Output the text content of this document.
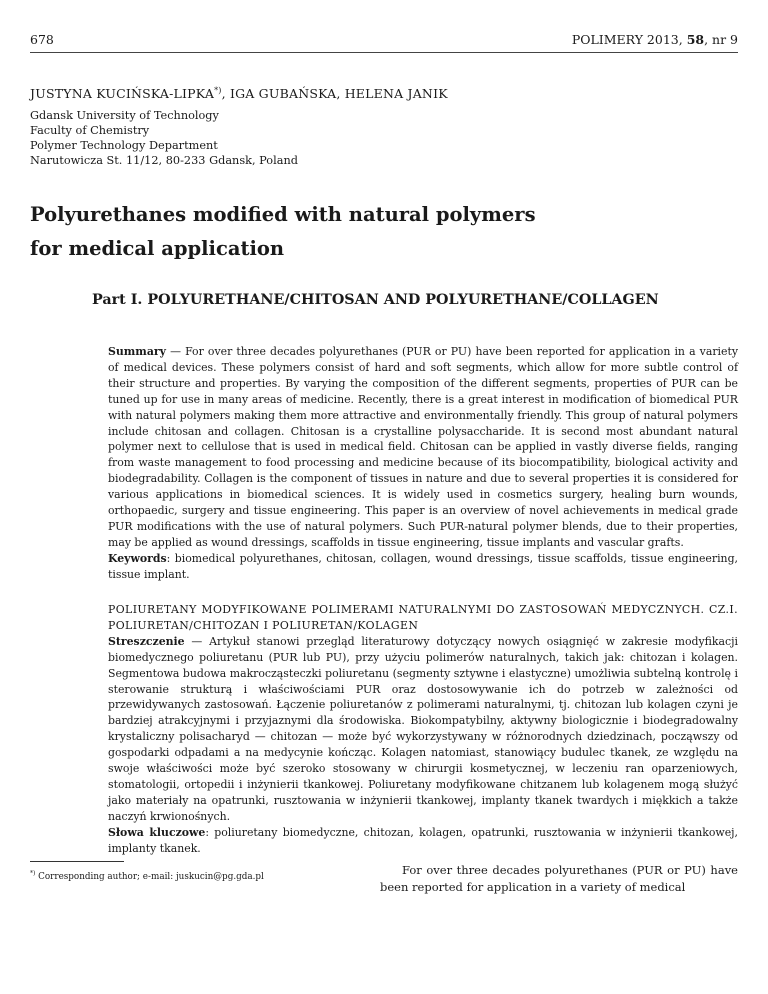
678	POLIMERY 2013, 58, nr 9
JUSTYNA KUCIŃSKA-LIPKA*), IGA GUBAŃSKA, HELENA JANIK
Gdansk University of Technology
Faculty of Chemistry
Polymer Technology Department
Narutowicza St. 11/12, 80-233 Gdansk, Poland
Polyurethanes modified with natural polymers
for medical application
Part I. POLYURETHANE/CHITOSAN AND POLYURETHANE/COLLAGEN
Summary — For over three decades polyurethanes (PUR or PU) have been reported for application in a variety of medical devices. These polymers consist of hard and soft segments, which allow for more subtle control of their structure and properties. By varying the composition of the different segments, properties of PUR can be tuned up for use in many areas of medicine. Recently, there is a great interest in modification of biomedical PUR with natural polymers making them more attractive and environmentally friendly. This group of natural polymers include chitosan and collagen. Chitosan is a crystalline polysaccharide. It is second most abundant natural polymer next to cellulose that is used in medical field. Chitosan can be applied in vastly diverse fields, ranging from waste management to food processing and medicine because of its biocompatibility, biological activity and biodegradability. Collagen is the component of tissues in nature and due to several properties it is considered for various applications in biomedical sciences. It is widely used in cosmetics surgery, healing burn wounds, orthopaedic, surgery and tissue engineering. This paper is an overview of novel achievements in medical grade PUR modifications with the use of natural polymers. Such PUR-natural polymer blends, due to their properties, may be applied as wound dressings, scaffolds in tissue engineering, tissue implants and vascular grafts.
Keywords: biomedical polyurethanes, chitosan, collagen, wound dressings, tissue scaffolds, tissue engineering, tissue implant.
POLIURETANY MODYFIKOWANE POLIMERAMI NATURALNYMI DO ZASTOSOWAŃ MEDYCZNYCH. CZ.I. POLIURETAN/CHITOZAN I POLIURETAN/KOLAGEN
Streszczenie — Artykuł stanowi przegląd literaturowy dotyczący nowych osiągnięć w zakresie modyfikacji biomedycznego poliuretanu (PUR lub PU), przy użyciu polimerów naturalnych, takich jak: chitozan i kolagen. Segmentowa budowa makrocząsteczki poliuretanu (segmenty sztywne i elastyczne) umożliwia subtelną kontrolę i sterowanie strukturą i właściwościami PUR oraz dostosowywanie ich do potrzeb w zależności od przewidywanych zastosowań. Łączenie poliuretanów z polimerami naturalnymi, tj. chitozan lub kolagen czyni je bardziej atrakcyjnymi i przyjaznymi dla środowiska. Biokompatybilny, aktywny biologicznie i biodegradowalny krystaliczny polisacharyd — chitozan — może być wykorzystywany w różnorodnych dziedzinach, począwszy od gospodarki odpadami a na medycynie kończąc. Kolagen natomiast, stanowiący budulec tkanek, ze względu na swoje właściwości może być szeroko stosowany w chirurgii kosmetycznej, w leczeniu ran oparzeniowych, stomatologii, ortopedii i inżynierii tkankowej. Poliuretany modyfikowane chitzanem lub kolagenem mogą służyć jako materiały na opatrunki, rusztowania w inżynierii tkankowej, implanty tkanek twardych i miękkich a także naczyń krwionośnych.
Słowa kluczowe: poliuretany biomedyczne, chitozan, kolagen, opatrunki, rusztowania w inżynierii tkankowej, implanty tkanek.
*) Corresponding author; e-mail: juskucin@pg.gda.pl	For over three decades polyurethanes (PUR or PU) have been reported for application in a variety of medical
